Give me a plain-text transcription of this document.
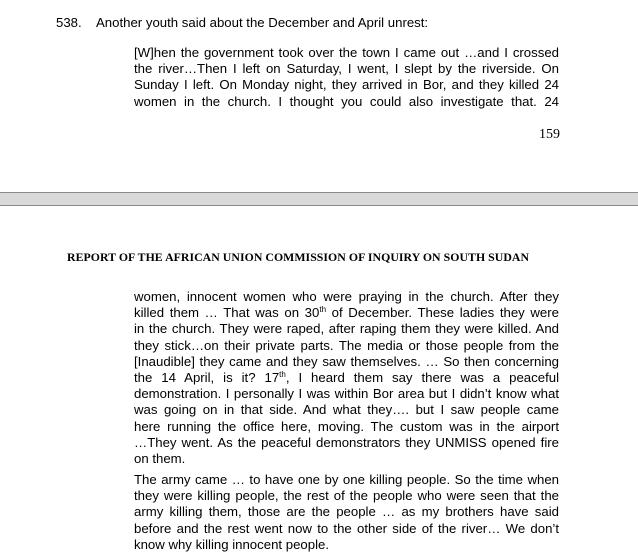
538. Another youth said about the December and April unrest:
[W]hen the government took over the town I came out …and I crossed
the river…Then I left on Saturday, I went, I slept by the riverside. On
Sunday I left. On Monday night, they arrived in Bor, and they killed 24
women in the church. I thought you could also investigate that. 24
159
REPORT OF THE AFRICAN UNION COMMISSION OF INQUIRY ON SOUTH SUDAN
women, innocent women who were praying in the church. After they
killed them … That was on 30th of December. These ladies they were
in the church. They were raped, after raping them they were killed. And
they stick…on their private parts. The media or those people from the
[Inaudible] they came and they saw themselves. … So then concerning
the 14 April, is it? 17th, I heard them say there was a peaceful
demonstration. I personally I was within Bor area but I didn’t know what
was going on in that side. And what they…. but I saw people came
here running the office here, moving. The custom was in the airport
…They went. As the peaceful demonstrators they UNMISS opened fire
on them.
The army came … to have one by one killing people. So the time when
they were killing people, the rest of the people who were seen that the
army killing them, those are the people … as my brothers have said
before and the rest went now to the other side of the river… We don’t
know why killing innocent people.
